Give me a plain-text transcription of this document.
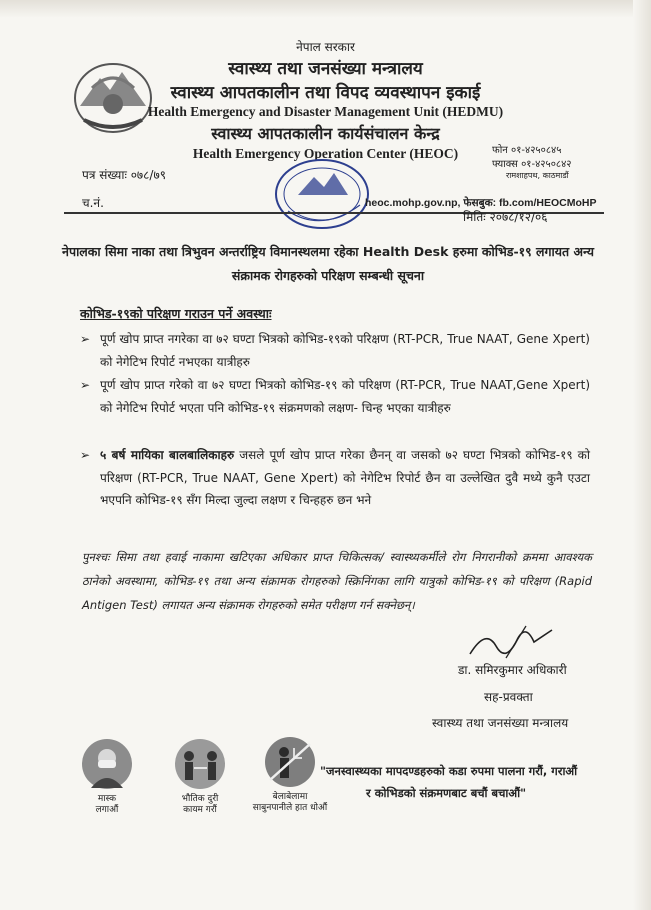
नेपाल सरकार
स्वास्थ्य तथा जनसंख्या मन्त्रालय
स्वास्थ्य आपतकालीन तथा विपद व्यवस्थापन इकाई
Health Emergency and Disaster Management Unit (HEDMU)
स्वास्थ्य आपतकालीन कार्यसंचालन केन्द्र
Health Emergency Operation Center (HEOC)	फोन ०१-४२५०८४५
फ्याक्स ०१-४२५०८४२
रामशाहपथ, काठमाडौं
पत्र संख्याः ०७८/७९
च.नं.	heoc.mohp.gov.np, फेसबुक: fb.com/HEOCMoHP
मितिः २०७८/१२/०६
नेपालका सिमा नाका तथा त्रिभुवन अन्तर्राष्ट्रिय विमानस्थलमा रहेका Health Desk हरुमा कोभिड-१९ लगायत अन्य संक्रामक रोगहरुको परिक्षण सम्बन्धी सूचना
कोभिड-१९को परिक्षण गराउन पर्ने अवस्थाः
➢ पूर्ण खोप प्राप्त नगरेका वा ७२ घण्टा भित्रको कोभिड-१९को परिक्षण (RT-PCR, True NAAT, Gene Xpert) को नेगेटिभ रिपोर्ट नभएका यात्रीहरु
➢ पूर्ण खोप प्राप्त गरेको वा ७२ घण्टा भित्रको कोभिड-१९ को परिक्षण (RT-PCR, True NAAT,Gene Xpert) को नेगेटिभ रिपोर्ट भएता पनि कोभिड-१९ संक्रमणको लक्षण- चिन्ह भएका यात्रीहरु
➢ ५ बर्ष मायिका बालबालिकाहरु जसले पूर्ण खोप प्राप्त गरेका छैनन् वा जसको ७२ घण्टा भित्रको कोभिड-१९ को परिक्षण (RT-PCR, True NAAT, Gene Xpert) को नेगेटिभ रिपोर्ट छैन वा उल्लेखित दुवै मध्ये कुनै एउटा भएपनि कोभिड-१९ सँग मिल्दा जुल्दा लक्षण र चिन्हहरु छन भने
पुनश्चः सिमा तथा हवाई नाकामा खटिएका अधिकार प्राप्त चिकित्सक/ स्वास्थ्यकर्मीले रोग निगरानीको क्रममा आवश्यक ठानेको अवस्थामा, कोभिड-१९ तथा अन्य संक्रामक रोगहरुको स्क्रिनिंगका लागि यात्रुको कोभिड-१९ को परिक्षण (Rapid Antigen Test) लगायत अन्य संक्रामक रोगहरुको समेत परीक्षण गर्न सक्नेछन्।
डा. समिरकुमार अधिकारी
सह-प्रवक्ता
स्वास्थ्य तथा जनसंख्या मन्त्रालय
मास्क
लगाऔं
भौतिक दुरी
कायम गरौं
बेलाबेलामा
साबुनपानीले हात धोऔं
"जनस्वास्थ्यका मापदण्डहरुको कडा रुपमा पालना गरौं, गराऔं
र कोभिडको संक्रमणबाट बचौं बचाऔं"
